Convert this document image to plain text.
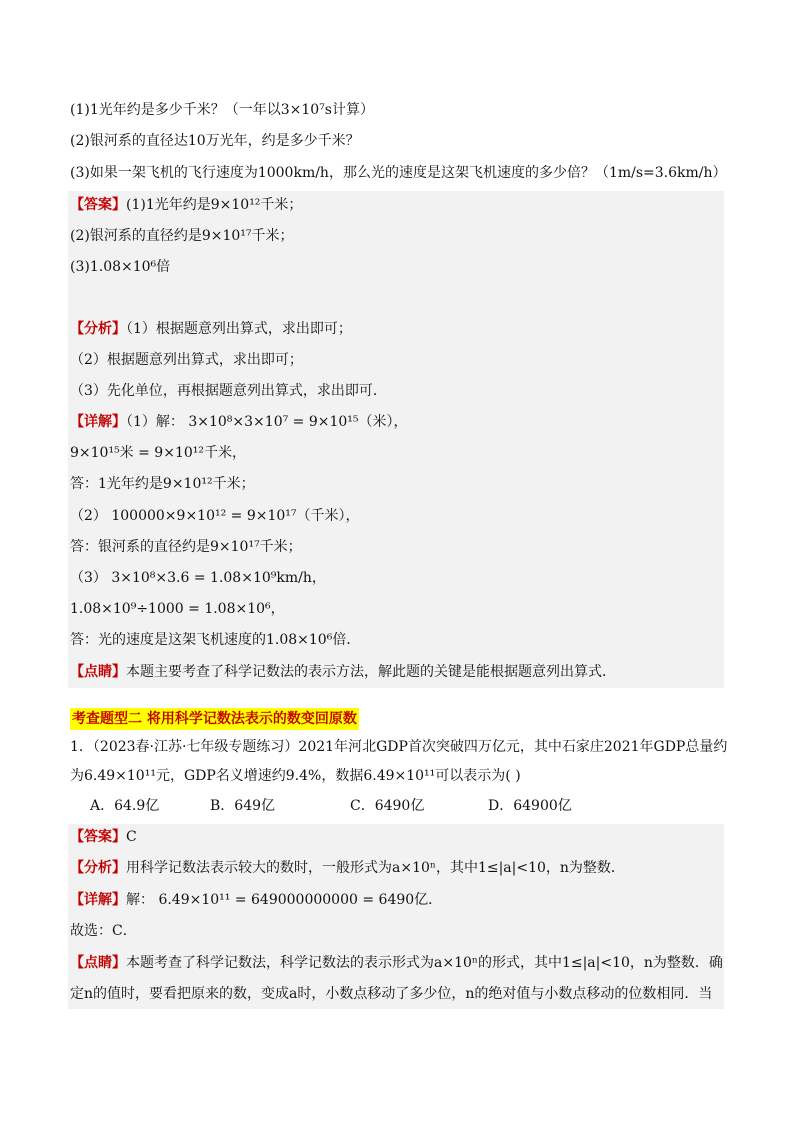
(1)1光年约是多少千米？（一年以3×10⁷s计算）
(2)银河系的直径达10万光年，约是多少千米？
(3)如果一架飞机的飞行速度为1000km/h，那么光的速度是这架飞机速度的多少倍？（1m/s=3.6km/h）
【答案】(1)1光年约是9×10¹²千米；
(2)银河系的直径约是9×10¹⁷千米；
(3)1.08×10⁶倍
【分析】（1）根据题意列出算式，求出即可；
（2）根据题意列出算式，求出即可；
（3）先化单位，再根据题意列出算式，求出即可．
【详解】（1）解： 3×10⁸×3×10⁷ = 9×10¹⁵（米），
9×10¹⁵米 = 9×10¹²千米，
答：1光年约是9×10¹²千米；
（2） 100000×9×10¹² = 9×10¹⁷（千米），
答：银河系的直径约是9×10¹⁷千米；
（3） 3×10⁸×3.6 = 1.08×10⁹km/h，
1.08×10⁹÷1000 = 1.08×10⁶，
答：光的速度是这架飞机速度的1.08×10⁶倍．
【点睛】本题主要考查了科学记数法的表示方法，解此题的关键是能根据题意列出算式．
考查题型二 将用科学记数法表示的数变回原数
1．（2023春·江苏·七年级专题练习）2021年河北GDP首次突破四万亿元，其中石家庄2021年GDP总量约
为6.49×10¹¹元，GDP名义增速约9.4%，数据6.49×10¹¹可以表示为( )
A．64.9亿	B．649亿	C．6490亿	D．64900亿
【答案】C
【分析】用科学记数法表示较大的数时，一般形式为a×10ⁿ，其中1≤|a|<10，n为整数．
【详解】解： 6.49×10¹¹ = 649000000000 = 6490亿．
故选：C．
【点睛】本题考查了科学记数法，科学记数法的表示形式为a×10ⁿ的形式，其中1≤|a|<10，n为整数．确
定n的值时，要看把原来的数，变成a时，小数点移动了多少位，n的绝对值与小数点移动的位数相同．当
